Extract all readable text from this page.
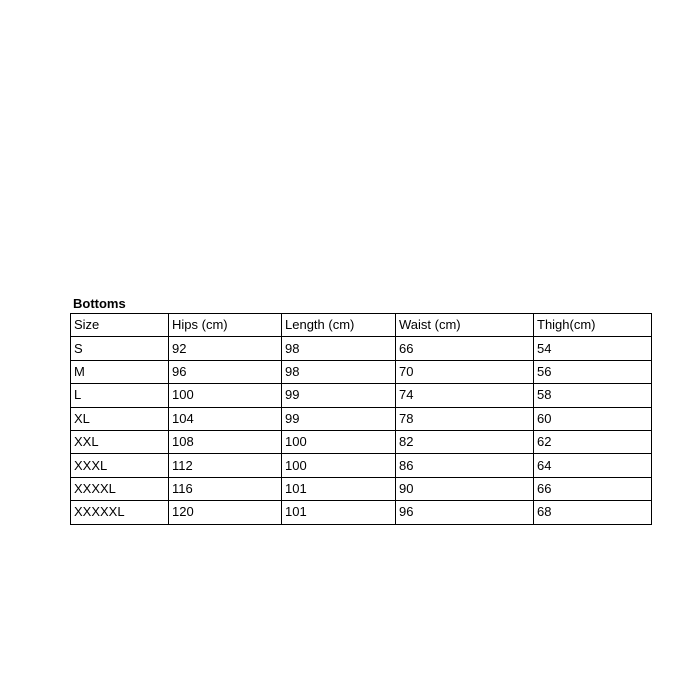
Bottoms
Size	Hips (cm)	Length (cm)	Waist (cm)	Thigh(cm)
S	92	98	66	54
M	96	98	70	56
L	100	99	74	58
XL	104	99	78	60
XXL	108	100	82	62
XXXL	112	100	86	64
XXXXL	116	101	90	66
XXXXXL	120	101	96	68
